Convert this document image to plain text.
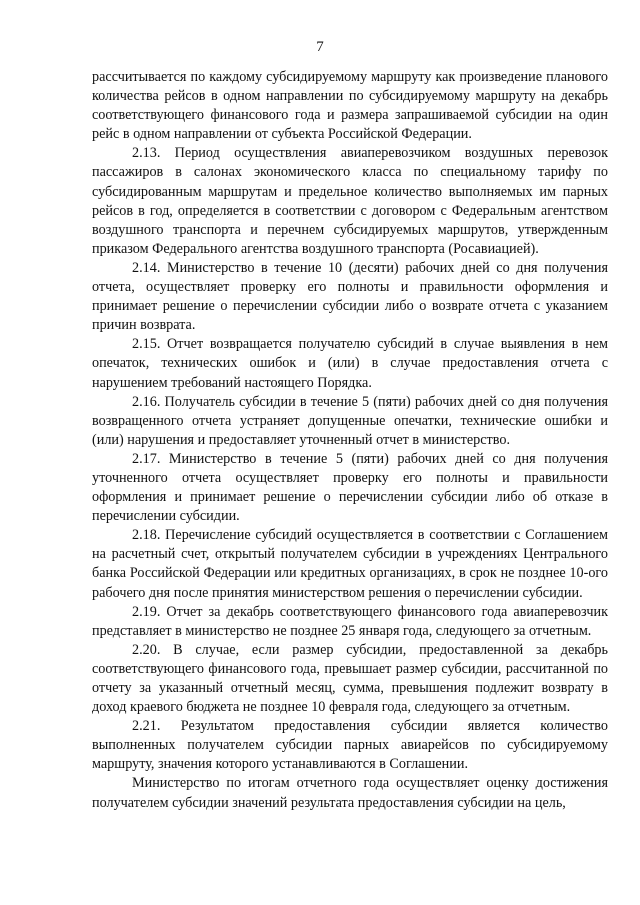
7

рассчитывается по каждому субсидируемому маршруту как произведение планового количества рейсов в одном направлении по субсидируемому маршруту на декабрь соответствующего финансового года и размера запрашиваемой субсидии на один рейс в одном направлении от субъекта Российской Федерации.

2.13. Период осуществления авиаперевозчиком воздушных перевозок пассажиров в салонах экономического класса по специальному тарифу по субсидированным маршрутам и предельное количество выполняемых им парных рейсов в год, определяется в соответствии с договором с Федеральным агентством воздушного транспорта и перечнем субсидируемых маршрутов, утвержденным приказом Федерального агентства воздушного транспорта (Росавиацией).

2.14. Министерство в течение 10 (десяти) рабочих дней со дня получения отчета, осуществляет проверку его полноты и правильности оформления и принимает решение о перечислении субсидии либо о возврате отчета с указанием причин возврата.

2.15. Отчет возвращается получателю субсидий в случае выявления в нем опечаток, технических ошибок и (или) в случае предоставления отчета с нарушением требований настоящего Порядка.

2.16. Получатель субсидии в течение 5 (пяти) рабочих дней со дня получения возвращенного отчета устраняет допущенные опечатки, технические ошибки и (или) нарушения и предоставляет уточненный отчет в министерство.

2.17. Министерство в течение 5 (пяти) рабочих дней со дня получения уточненного отчета осуществляет проверку его полноты и правильности оформления и принимает решение о перечислении субсидии либо об отказе в перечислении субсидии.

2.18. Перечисление субсидий осуществляется в соответствии с Соглашением на расчетный счет, открытый получателем субсидии в учреждениях Центрального банка Российской Федерации или кредитных организациях, в срок не позднее 10-ого рабочего дня после принятия министерством решения о перечислении субсидии.

2.19. Отчет за декабрь соответствующего финансового года авиаперевозчик представляет в министерство не позднее 25 января года, следующего за отчетным.

2.20. В случае, если размер субсидии, предоставленной за декабрь соответствующего финансового года, превышает размер субсидии, рассчитанной по отчету за указанный отчетный месяц, сумма, превышения подлежит возврату в доход краевого бюджета не позднее 10 февраля года, следующего за отчетным.

2.21. Результатом предоставления субсидии является количество выполненных получателем субсидии парных авиарейсов по субсидируемому маршруту, значения которого устанавливаются в Соглашении.

Министерство по итогам отчетного года осуществляет оценку достижения получателем субсидии значений результата предоставления субсидии на цель,
